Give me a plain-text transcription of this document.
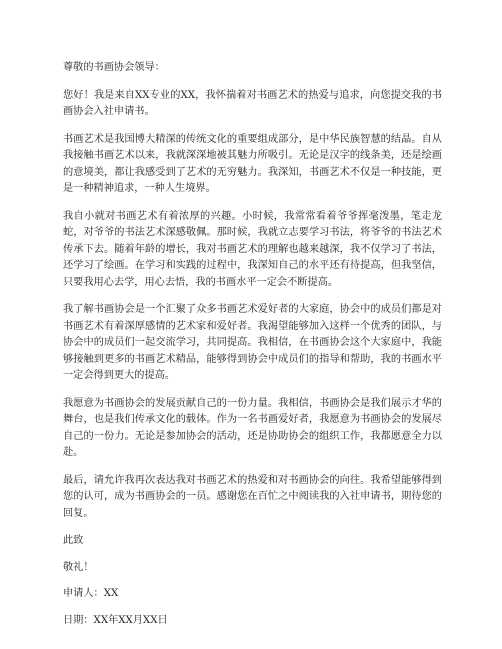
尊敬的书画协会领导：

您好！我是来自XX专业的XX，我怀揣着对书画艺术的热爱与追求，向您提交我的书画协会入社申请书。

书画艺术是我国博大精深的传统文化的重要组成部分，是中华民族智慧的结晶。自从我接触书画艺术以来，我就深深地被其魅力所吸引。无论是汉字的线条美，还是绘画的意境美，都让我感受到了艺术的无穷魅力。我深知，书画艺术不仅是一种技能，更是一种精神追求，一种人生境界。

我自小就对书画艺术有着浓厚的兴趣。小时候，我常常看着爷爷挥毫泼墨，笔走龙蛇，对爷爷的书法艺术深感敬佩。那时候，我就立志要学习书法，将爷爷的书法艺术传承下去。随着年龄的增长，我对书画艺术的理解也越来越深，我不仅学习了书法，还学习了绘画。在学习和实践的过程中，我深知自己的水平还有待提高，但我坚信，只要我用心去学，用心去悟，我的书画水平一定会不断提高。

我了解书画协会是一个汇聚了众多书画艺术爱好者的大家庭，协会中的成员们都是对书画艺术有着深厚感情的艺术家和爱好者。我渴望能够加入这样一个优秀的团队，与协会中的成员们一起交流学习，共同提高。我相信，在书画协会这个大家庭中，我能够接触到更多的书画艺术精品，能够得到协会中成员们的指导和帮助，我的书画水平一定会得到更大的提高。

我愿意为书画协会的发展贡献自己的一份力量。我相信，书画协会是我们展示才华的舞台，也是我们传承文化的载体。作为一名书画爱好者，我愿意为书画协会的发展尽自己的一份力。无论是参加协会的活动，还是协助协会的组织工作，我都愿意全力以赴。

最后，请允许我再次表达我对书画艺术的热爱和对书画协会的向往。我希望能够得到您的认可，成为书画协会的一员。感谢您在百忙之中阅读我的入社申请书，期待您的回复。

此致

敬礼！

申请人：XX

日期：XX年XX月XX日
